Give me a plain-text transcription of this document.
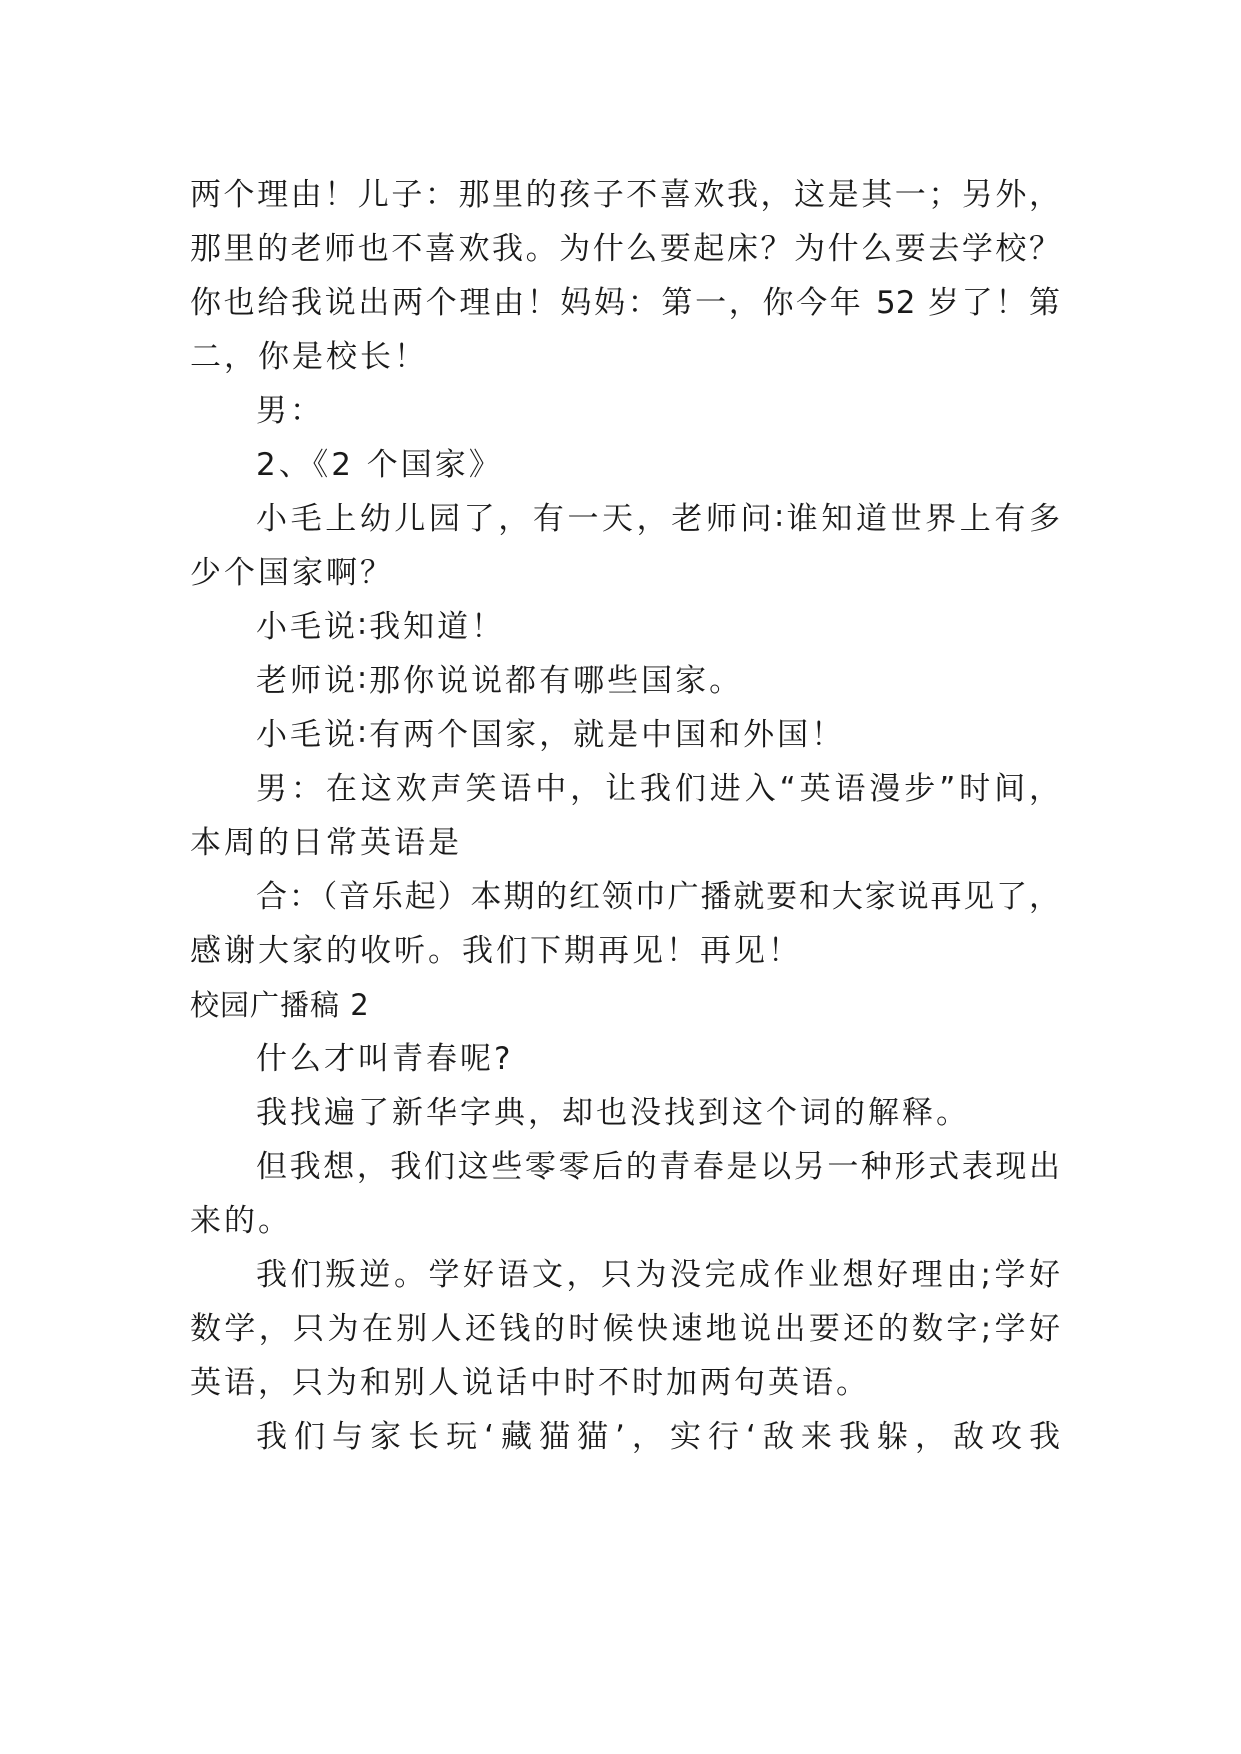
两个理由！儿子：那里的孩子不喜欢我，这是其一；另外，

那里的老师也不喜欢我。为什么要起床？为什么要去学校？

你也给我说出两个理由！妈妈：第一，你今年 52 岁了！第

二，你是校长！

男：

2、《2 个国家》

小毛上幼儿园了，有一天，老师问∶谁知道世界上有多

少个国家啊？

小毛说∶我知道！

老师说∶那你说说都有哪些国家。

小毛说∶有两个国家，就是中国和外国！

男：在这欢声笑语中，让我们进入“英语漫步”时间，

本周的日常英语是

合：（音乐起）本期的红领巾广播就要和大家说再见了，

感谢大家的收听。我们下期再见！再见！

校园广播稿 2

什么才叫青春呢?

我找遍了新华字典，却也没找到这个词的解释。

但我想，我们这些零零后的青春是以另一种形式表现出

来的。

我们叛逆。学好语文，只为没完成作业想好理由;学好

数学，只为在别人还钱的时候快速地说出要还的数字;学好

英语，只为和别人说话中时不时加两句英语。

我们与家长玩‘藏猫猫’，实行‘敌来我躲，敌攻我
